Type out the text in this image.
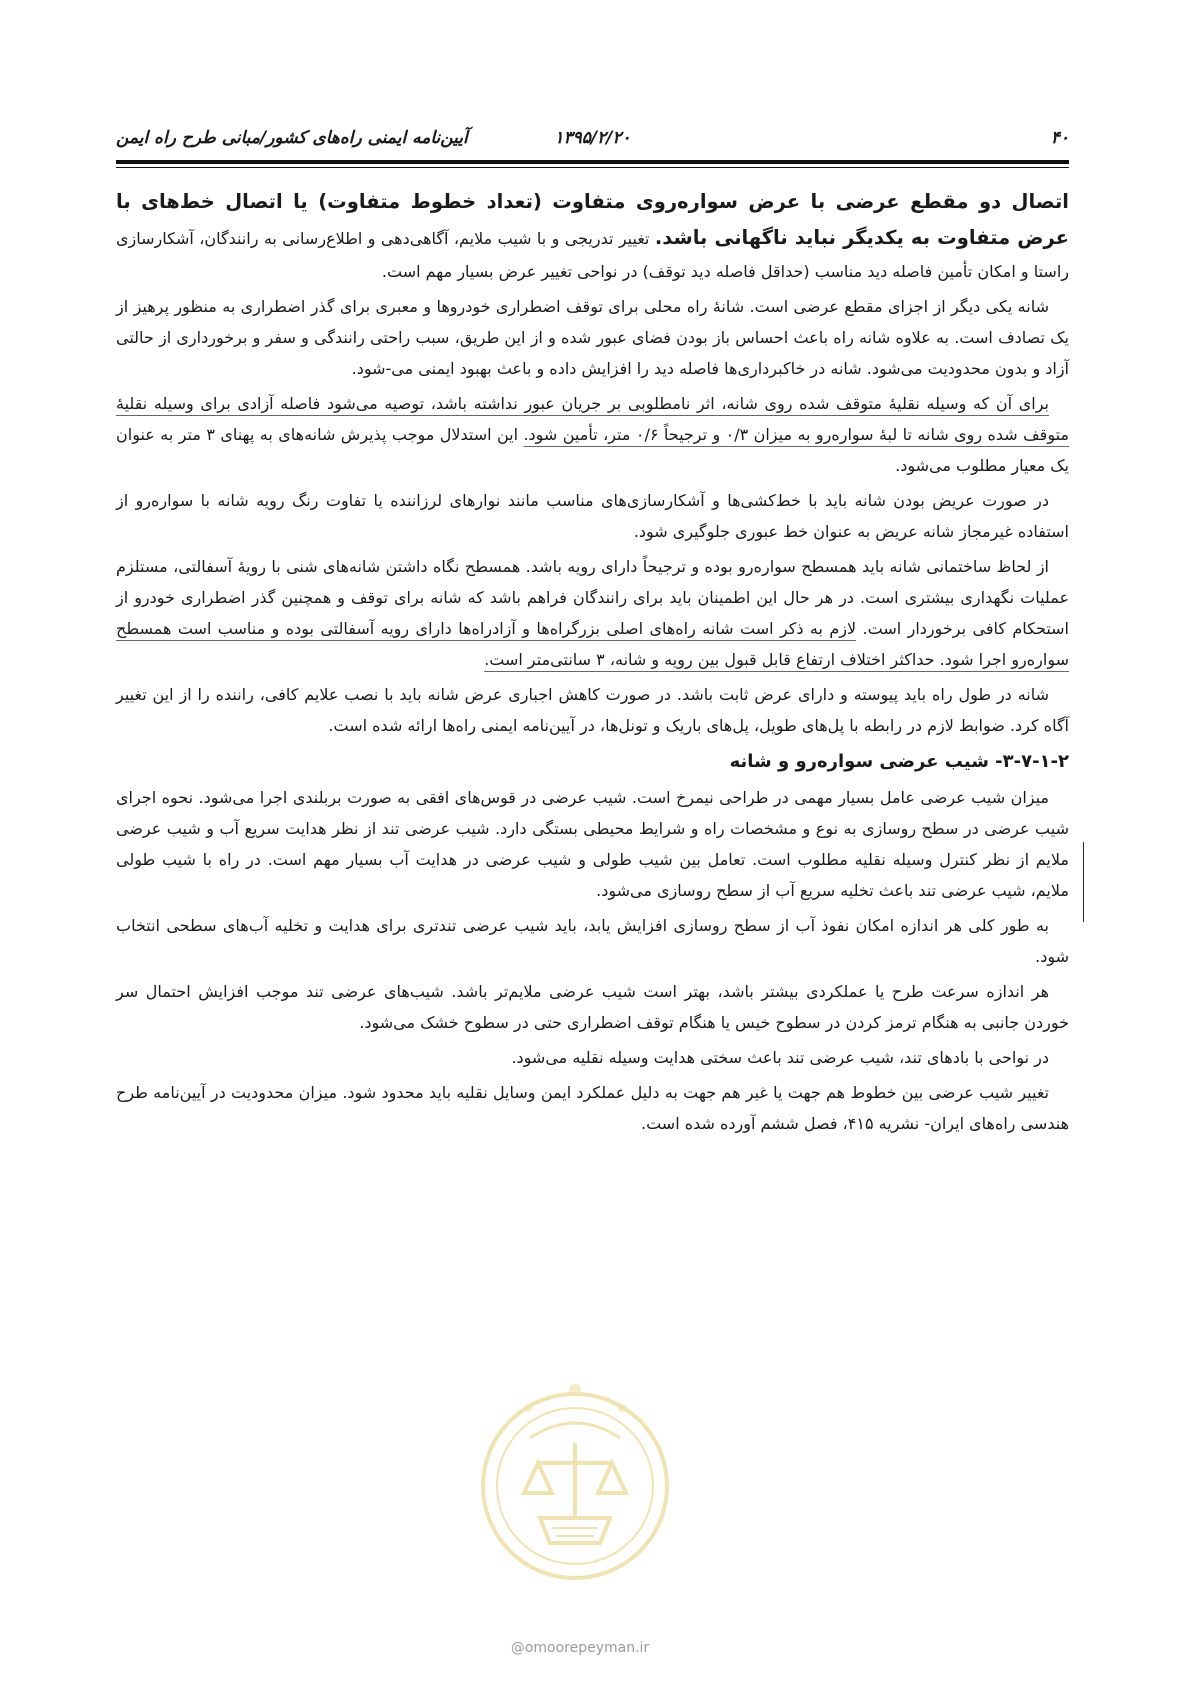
۴۰
۱۳۹۵/۲/۲۰
آیین‌نامه ایمنی راه‌های کشور/مبانی طرح راه ایمن

اتصال دو مقطع عرضی با عرض سواره‌روی متفاوت (تعداد خطوط متفاوت) یا اتصال خط‌های با عرض متفاوت به یکدیگر نباید ناگهانی باشد. تغییر تدریجی و با شیب ملایم، آگاهی‌دهی و اطلاع‌رسانی به رانندگان، آشکارسازی راستا و امکان تأمین فاصله دید مناسب (حداقل فاصله دید توقف) در نواحی تغییر عرض بسیار مهم است.

شانه یکی دیگر از اجزای مقطع عرضی است. شانهٔ راه محلی برای توقف اضطراری خودروها و معبری برای گذر اضطراری به منظور پرهیز از یک تصادف است. به علاوه شانه راه باعث احساس باز بودن فضای عبور شده و از این طریق، سبب راحتی رانندگی و سفر و برخورداری از حالتی آزاد و بدون محدودیت می‌شود. شانه در خاکبرداری‌ها فاصله دید را افزایش داده و باعث بهبود ایمنی می-شود.

برای آن که وسیله نقلیهٔ متوقف شده روی شانه، اثر نامطلوبی بر جریان عبور نداشته باشد، توصیه می‌شود فاصله آزادی برای وسیله نقلیهٔ متوقف شده روی شانه تا لبهٔ سواره‌رو به میزان ۰/۳ و ترجیحاً ۰/۶ متر، تأمین شود. این استدلال موجب پذیرش شانه‌های به پهنای ۳ متر به عنوان یک معیار مطلوب می‌شود.

در صورت عریض بودن شانه باید با خط‌کشی‌ها و آشکارسازی‌های مناسب مانند نوارهای لرزاننده یا تفاوت رنگ رویه شانه با سواره‌رو از استفاده غیرمجاز شانه عریض به عنوان خط عبوری جلوگیری شود.

از لحاظ ساختمانی شانه باید همسطح سواره‌رو بوده و ترجیحاً دارای رویه باشد. همسطح نگاه داشتن شانه‌های شنی با رویهٔ آسفالتی، مستلزم عملیات نگهداری بیشتری است. در هر حال این اطمینان باید برای رانندگان فراهم باشد که شانه برای توقف و همچنین گذر اضطراری خودرو از استحکام کافی برخوردار است. لازم به ذکر است شانه راه‌های اصلی بزرگراه‌ها و آزادراه‌ها دارای رویه آسفالتی بوده و مناسب است همسطح سواره‌رو اجرا شود. حداکثر اختلاف ارتفاع قابل قبول بین رویه و شانه، ۳ سانتی‌متر است.

شانه در طول راه باید پیوسته و دارای عرض ثابت باشد. در صورت کاهش اجباری عرض شانه باید با نصب علایم کافی، راننده را از این تغییر آگاه کرد. ضوابط لازم در رابطه با پل‌های طویل، پل‌های باریک و تونل‌ها، در آیین‌نامه ایمنی راه‌ها ارائه شده است.

۳-۷-۱-۲- شیب عرضی سواره‌رو و شانه

میزان شیب عرضی عامل بسیار مهمی در طراحی نیمرخ است. شیب عرضی در قوس‌های افقی به صورت بربلندی اجرا می‌شود. نحوه اجرای شیب عرضی در سطح روسازی به نوع و مشخصات راه و شرایط محیطی بستگی دارد. شیب عرضی تند از نظر هدایت سریع آب و شیب عرضی ملایم از نظر کنترل وسیله نقلیه مطلوب است. تعامل بین شیب طولی و شیب عرضی در هدایت آب بسیار مهم است. در راه با شیب طولی ملایم، شیب عرضی تند باعث تخلیه سریع آب از سطح روسازی می‌شود.

به طور کلی هر اندازه امکان نفوذ آب از سطح روسازی افزایش یابد، باید شیب عرضی تندتری برای هدایت و تخلیه آب‌های سطحی انتخاب شود.

هر اندازه سرعت طرح یا عملکردی بیشتر باشد، بهتر است شیب عرضی ملایم‌تر باشد. شیب‌های عرضی تند موجب افزایش احتمال سر خوردن جانبی به هنگام ترمز کردن در سطوح خیس یا هنگام توقف اضطراری حتی در سطوح خشک می‌شود.

در نواحی با بادهای تند، شیب عرضی تند باعث سختی هدایت وسیله نقلیه می‌شود.

تغییر شیب عرضی بین خطوط هم جهت یا غیر هم جهت به دلیل عملکرد ایمن وسایل نقلیه باید محدود شود. میزان محدودیت در آیین‌نامه طرح هندسی راه‌های ایران- نشریه ۴۱۵، فصل ششم آورده شده است.

@omoorepeyman.ir
